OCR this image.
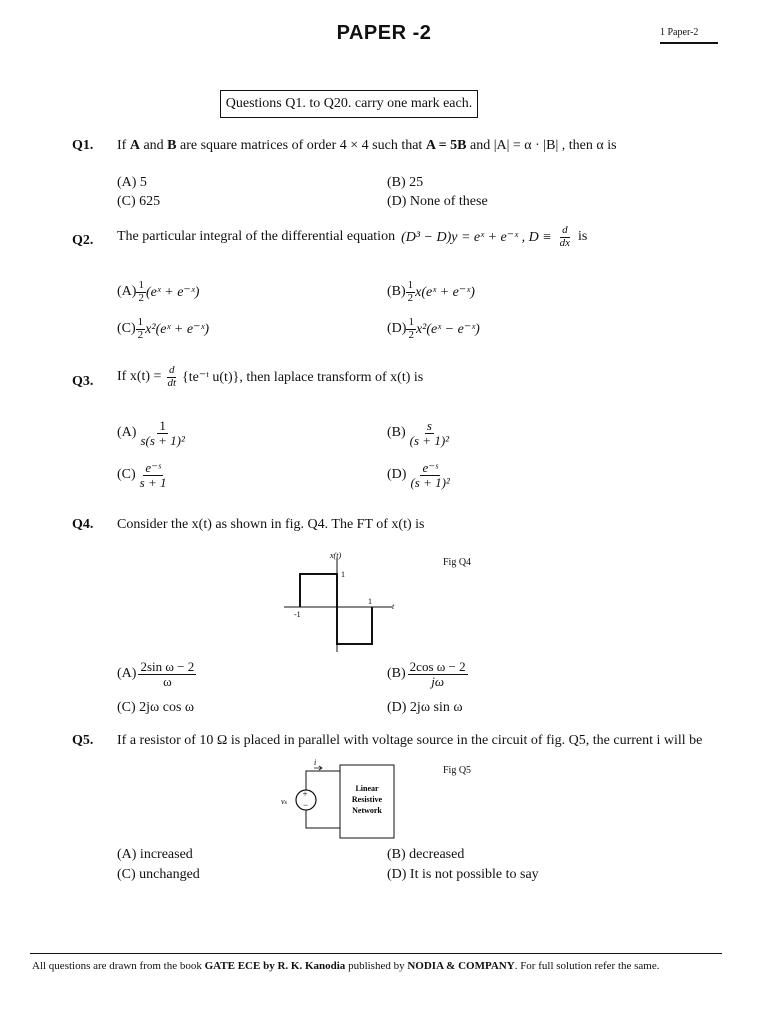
PAPER -2	1 Paper-2
Questions Q1. to Q20. carry one mark each.
Q1. If A and B are square matrices of order 4 × 4 such that A = 5B and |A| = α · |B| , then α is
(A) 5	(B) 25
(C) 625	(D) None of these
Q2. The particular integral of the differential equation (D³ − D)y = eˣ + e⁻ˣ , $D \equiv \frac{d}{dx}$ is
$(A) \frac{1}{2}$ (eˣ + e⁻ˣ)	$(B) \frac{1}{2}$ x(eˣ + e⁻ˣ)
$(C) \frac{1}{2}$ x²(eˣ + e⁻ˣ)	$(D) \frac{1}{2}$ x²(eˣ − e⁻ˣ)
Q3. If $x(t) = \frac{d}{dt}$ {te⁻ᵗ u(t)}, then laplace transform of x(t) is
$(A) \frac{1}{\text{s(s + 1)²}}$	$(B) \frac{s}{\text{(s + 1)²}}$
$(C) \frac{\text{e⁻ˢ}}{s + 1}$	$(D) \frac{\text{e⁻ˢ}}{\text{(s + 1)²}}$
Q4. Consider the x(t) as shown in fig. Q4. The FT of x(t) is
x(t)
1
1
-1
t
Fig Q4
$(A) \frac{\text{2sin ω − 2}}{\omega}$	$(B) \frac{\text{2cos ω − 2}}{j\omega}$
(C) 2jω cos ω	(D) 2jω sin ω
Q5. If a resistor of 10 Ω is placed in parallel with voltage source in the circuit of fig. Q5, the current i will be
+
−
i
vₛ
Linear
Resistive
Network
Fig Q5
(A) increased	(B) decreased
(C) unchanged	(D) It is not possible to say
All questions are drawn from the book GATE ECE by R. K. Kanodia published by NODIA & COMPANY. For full solution refer the same.
